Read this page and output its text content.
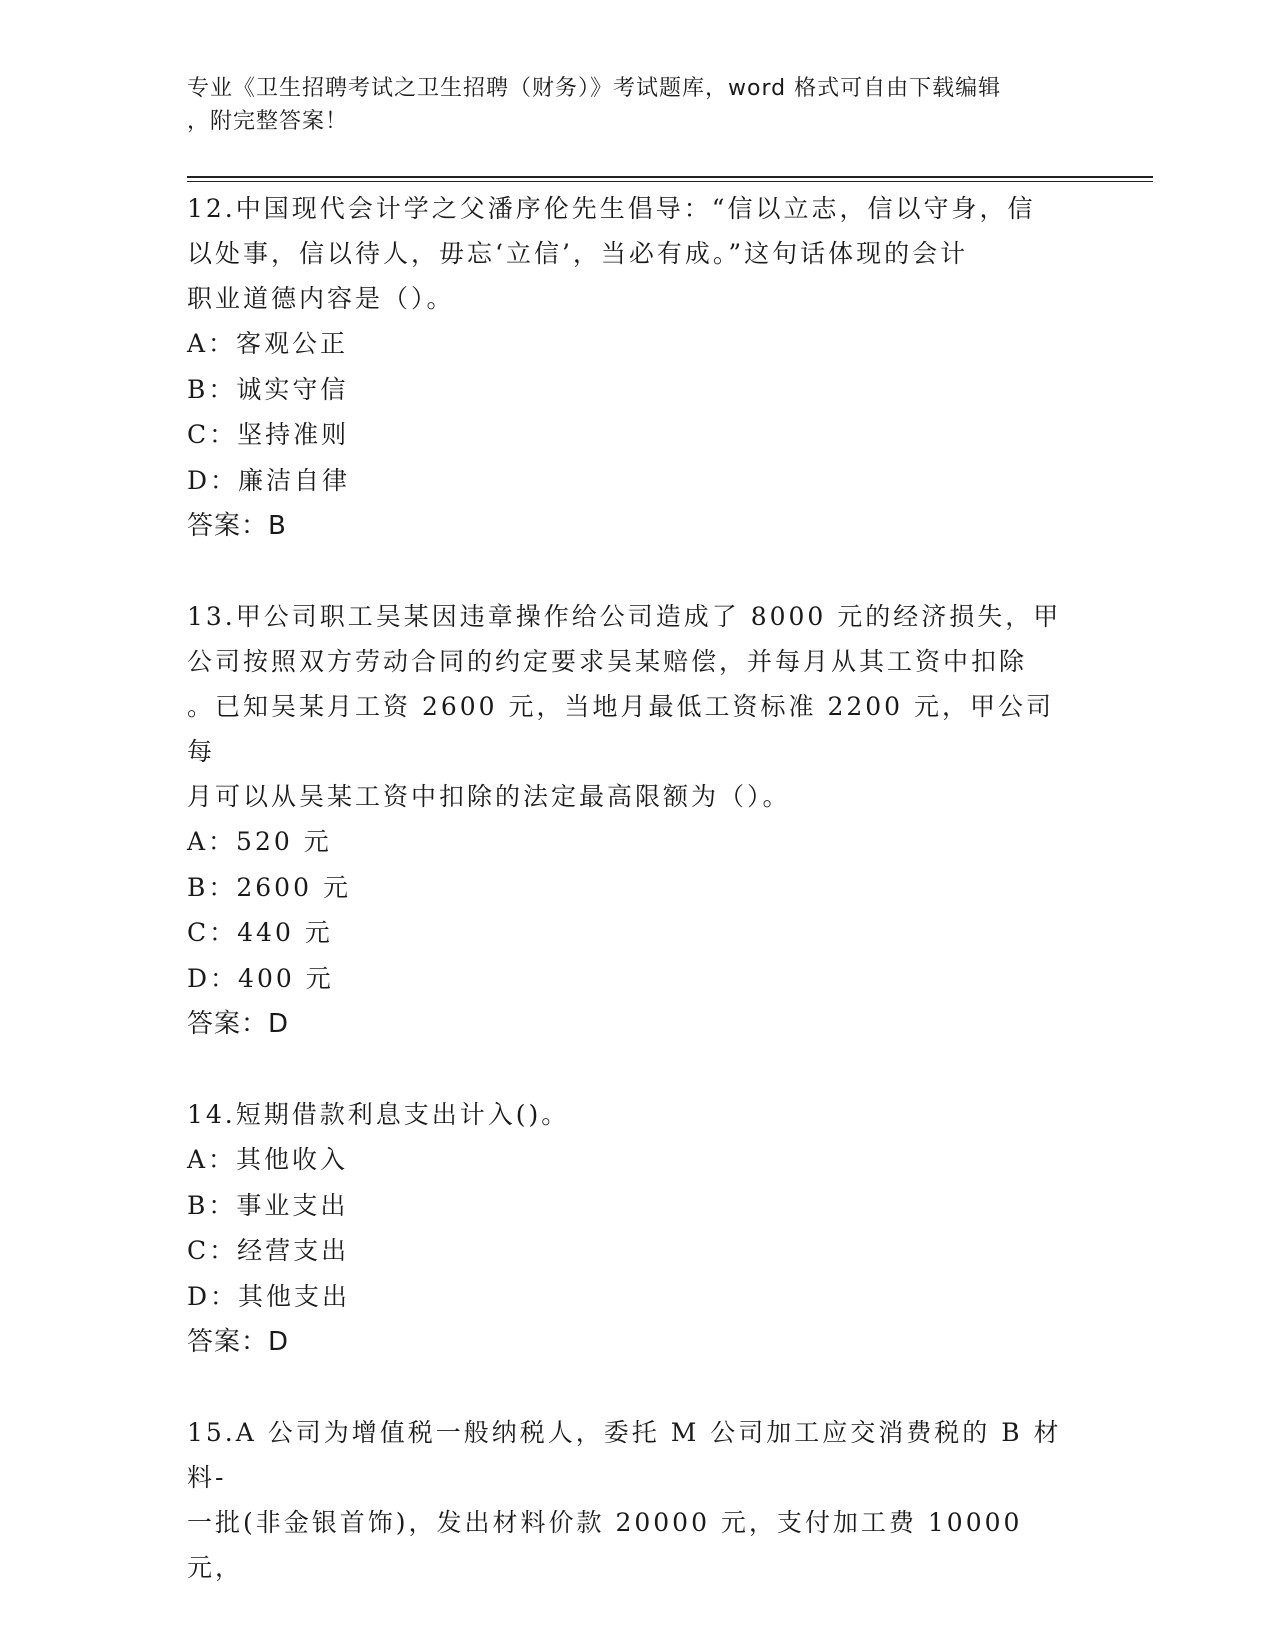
专业《卫生招聘考试之卫生招聘（财务）》考试题库，word 格式可自由下载编辑
，附完整答案！
12.中国现代会计学之父潘序伦先生倡导：“信以立志，信以守身，信
以处事，信以待人，毋忘‘立信’，当必有成。”这句话体现的会计
职业道德内容是（）。
A：客观公正
B：诚实守信
C：坚持准则
D：廉洁自律
答案：B
13.甲公司职工吴某因违章操作给公司造成了 8000 元的经济损失，甲
公司按照双方劳动合同的约定要求吴某赔偿，并每月从其工资中扣除
。已知吴某月工资 2600 元，当地月最低工资标准 2200 元，甲公司每
月可以从吴某工资中扣除的法定最高限额为（）。
A：520 元
B：2600 元
C：440 元
D：400 元
答案：D
14.短期借款利息支出计入()。
A：其他收入
B：事业支出
C：经营支出
D：其他支出
答案：D
15.A 公司为增值税一般纳税人，委托 M 公司加工应交消费税的 B 材料-
一批(非金银首饰)，发出材料价款 20000 元，支付加工费 10000 元，
